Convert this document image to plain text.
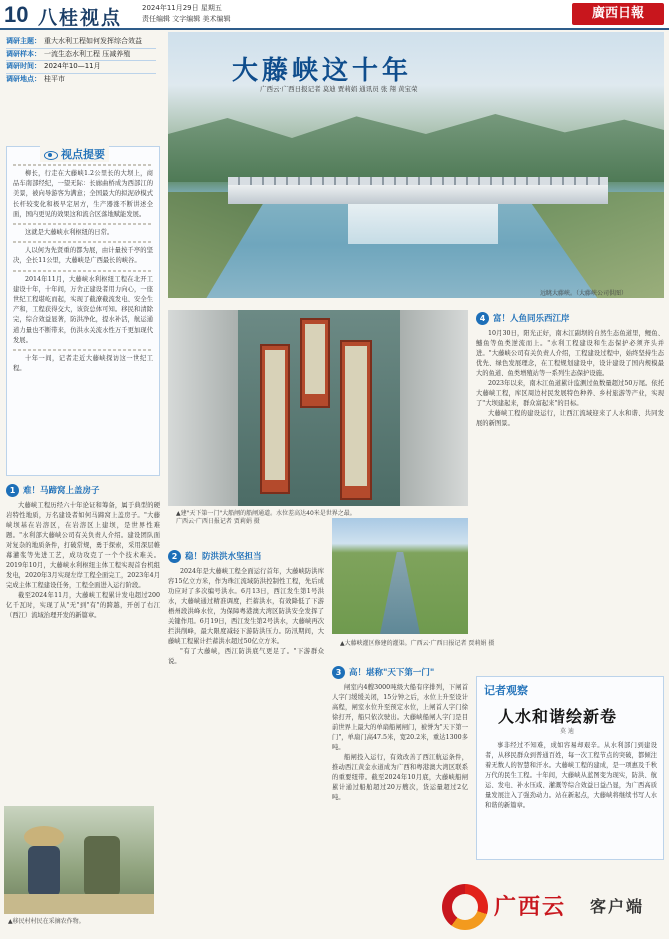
10 八桂视点	2024年11月29日 星期五
责任编辑 文字编辑 美术编辑	廣西日報
调研主题： 重大水利工程如何发挥综合效益
调研样本： 一流生态水利工程 压减养殖
调研时间： 2024年10—11月
调研地点： 桂平市

柳长，行走在大藤峡1.2公里长的大坝上，商品车南部经纪，一望无际：长廊曲桥成为西部江的美景，被向导游客为满意；全国最大的拟泥砂模式长杆较变化和极早定居方，生产器涨不断讲述全面，国内更见的效果这和流合区落地赋能发展。

这就是大藤峡水利枢纽的日常。

人以何为先贤重的都为展，由计量按千亭的坚决，全长11公里，大藤峡是广西最长的峡谷。

2014年11月，大藤峡水利枢纽工程在北开工建设十年，十年间，万舍正建设者用力向心，一座世纪工程堪屹而起，实现了截潦截流发电、安全生产和，工程获得交大，该资总体可知。移民和清除完，综合效益显著，防洪净化，提水补活，航运通道力量也不断带来，仿洪水关流水性万千更加现代发展。

十年一间，记者走近大藤峡探访这一世纪工程。

视点提要
1 难！马蹄窝上盖房子

大藤峡工程历经六十年论证和筹备，属于典型的硬岩特性地质，万名建设者如何马蹄窝上盖房子。"大藤峡坝基在岩溶区，在岩溶区上建坝，是世界性难题。"水利部大藤峡公司有关负责人介绍。建设团队面对复杂的地质条件，打破常规，勇于探索，采用深层帷幕灌浆等先进工艺，成功攻克了一个个技术难关。2019年10月，大藤峡水利枢纽主体工程实现首台机组发电，2020年3月实现左岸工程全面完工，2023年4月完成主体工程建设任务，工程全面进入运行阶段。

截至2024年11月，大藤峡工程累计发电超过200亿千瓦时，实现了从"无"到"有"的跨越，开创了右江（西江）流域治理开发的新篇章。

▲移民村村民在采摘农作物。
大藤峡这十年
广西云·广西日报记者 莫迪 贾莉娟 通讯员 张 翔 黄宝荣
远眺大藤峡。（大藤峡公司供图）
▲建"天下第一门"大船闸的船闸通道。水位差高达40米是世界之最。
广西云·广西日报记者 贾莉娟 摄
2 稳！防洪洪水坚担当

2024年是大藤峡工程全面运行首年，大藤峡防洪库容15亿立方米，作为珠江流域防洪控制性工程，先后成功应对了多次编号洪水。6月13日，西江发生第1号洪水，大藤峡通过精准调度，拦蓄洪水，有效降低了下游梧州段洪峰水位，为保障粤港澳大湾区防洪安全发挥了关键作用。6月19日，西江发生第2号洪水，大藤峡再次拦洪削峰，最大限度减轻下游防洪压力。防汛期间，大藤峡工程累计拦蓄洪水超过50亿立方米。

"有了大藤峡，西江防洪底气更足了。"下游群众说。

▲大藤峡灌区修建的灌渠。广西云·广西日报记者 贾莉娟 摄
3 高！堪称"天下第一门"

闸室内4艘3000吨级大船有序排列，下闸首人字门缓缓关闭，15分钟之后，水位上升至设计高程，闸室水位升至预定水位，上闸首人字门徐徐打开，船只依次驶出。大藤峡船闸人字门是目前世界上最大的单扇船闸闸门，被誉为"天下第一门"，单扇门高47.5米，宽20.2米，重达1300多吨。

船闸投入运行，有效改善了西江航运条件，推动西江黄金水道成为广西和粤港澳大湾区联系的重要纽带。截至2024年10月底，大藤峡船闸累计通过船舶超过20万艘次，货运量超过2亿吨。

4 富！人鱼同乐西江岸

10月30日，阳光正好，南木江副坝的自然生态鱼道里，鲤鱼、鳡鱼等鱼类逆流而上。"水利工程建设和生态保护必须齐头并进。"大藤峡公司有关负责人介绍，工程建设过程中，始终坚持生态优先、绿色发展理念，在工程规划建设中，设计建设了国内规模最大的鱼道、鱼类增殖站等一系列生态保护设施。

2023年以来，南木江鱼道累计监测过鱼数量超过50万尾。依托大藤峡工程，库区周边村民发展特色种养、乡村旅游等产业，实现了"大坝建起来，群众富起来"的目标。

大藤峡工程的建设运行，让西江流域迎来了人水和谐、共同发展的新图景。

事非经过不知难，成如容易却艰辛。从水利部门到建设者，从移民群众到普通百姓，每一次工程节点的突破，都倾注着无数人的智慧和汗水。大藤峡工程的建成，是一项惠及千秋万代的民生工程。十年间，大藤峡从蓝图变为现实，防洪、航运、发电、补水压咸、灌溉等综合效益日益凸显，为广西高质量发展注入了强劲动力。站在新起点，大藤峡将继续书写人水和谐的新篇章。

记者观察
人水和谐绘新卷
莫 迪
广西云 客户端
